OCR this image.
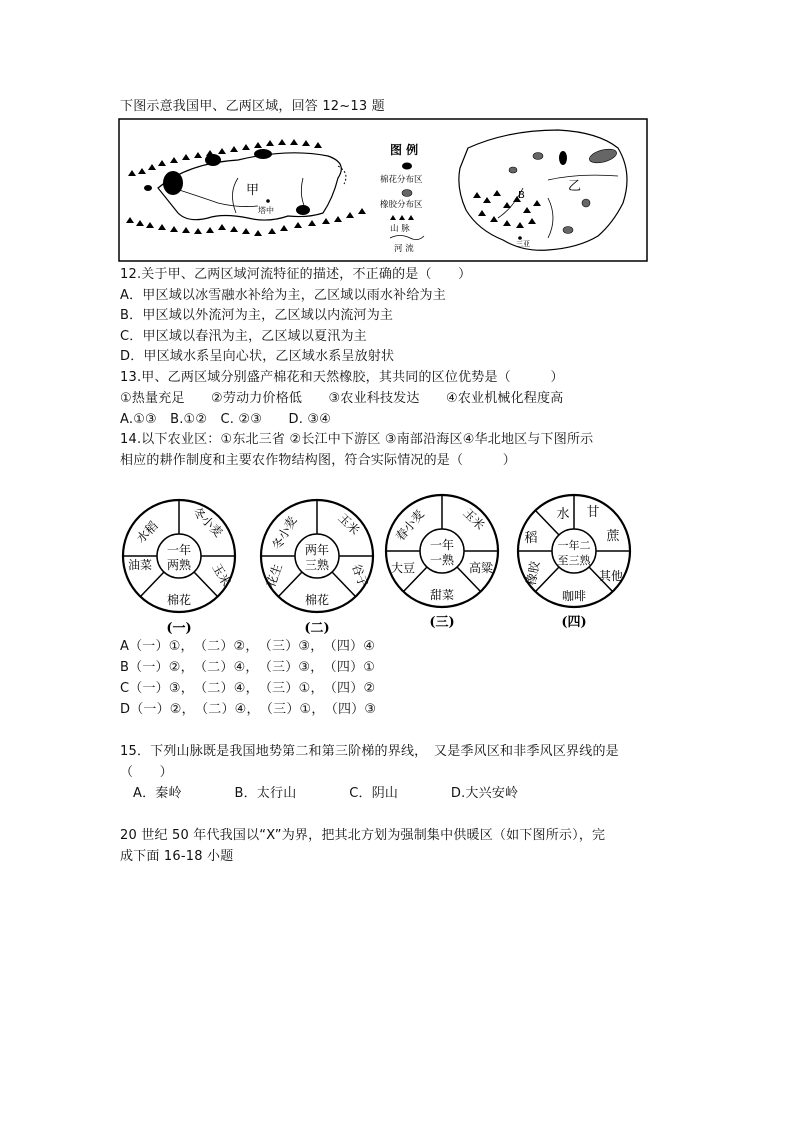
下图示意我国甲、乙两区域，回答 12~13 题
甲
塔中
图 例
棉花分布区
橡胶分布区
山 脉
河 流
乙
B
三亚
12.关于甲、乙两区域河流特征的描述，不正确的是（　　）
A．甲区域以冰雪融水补给为主，乙区域以雨水补给为主
B．甲区域以外流河为主，乙区域以内流河为主
C．甲区域以春汛为主，乙区域以夏汛为主
D．甲区域水系呈向心状，乙区域水系呈放射状
13.甲、乙两区域分别盛产棉花和天然橡胶，其共同的区位优势是（　　　）
①热量充足　　②劳动力价格低　　③农业科技发达　　④农业机械化程度高
A.①③　B.①②　C. ②③　　D. ③④
14.以下农业区：①东北三省 ②长江中下游区 ③南部沿海区④华北地区与下图所示
相应的耕作制度和主要农作物结构图，符合实际情况的是（　　　）
一年
两熟
水稻 冬小麦
玉米
棉花
油菜
(一)
两年
三熟
冬小麦	玉米
谷子
棉花
花生
(二)
一年
一熟
春小麦	玉米
高粱
甜菜
大豆
(三)
一年二
至三熟
水 甘
蔗
其他
咖啡
橡胶
稻
(四)
A（一）①，　（二）②，　（三）③，　（四）④
B（一）②，　（二）④，　（三）③，　（四）①
C（一）③，　（二）④，　（三）①，　（四）②
D（一）②，　（二）④，　（三）①，　（四）③
15．下列山脉既是我国地势第二和第三阶梯的界线，　又是季风区和非季风区界线的是
（　　）
A．秦岭　　　　B．太行山　　　　C．阴山　　　　D.大兴安岭
20 世纪 50 年代我国以“X”为界，把其北方划为强制集中供暖区（如下图所示），完
成下面 16-18 小题
